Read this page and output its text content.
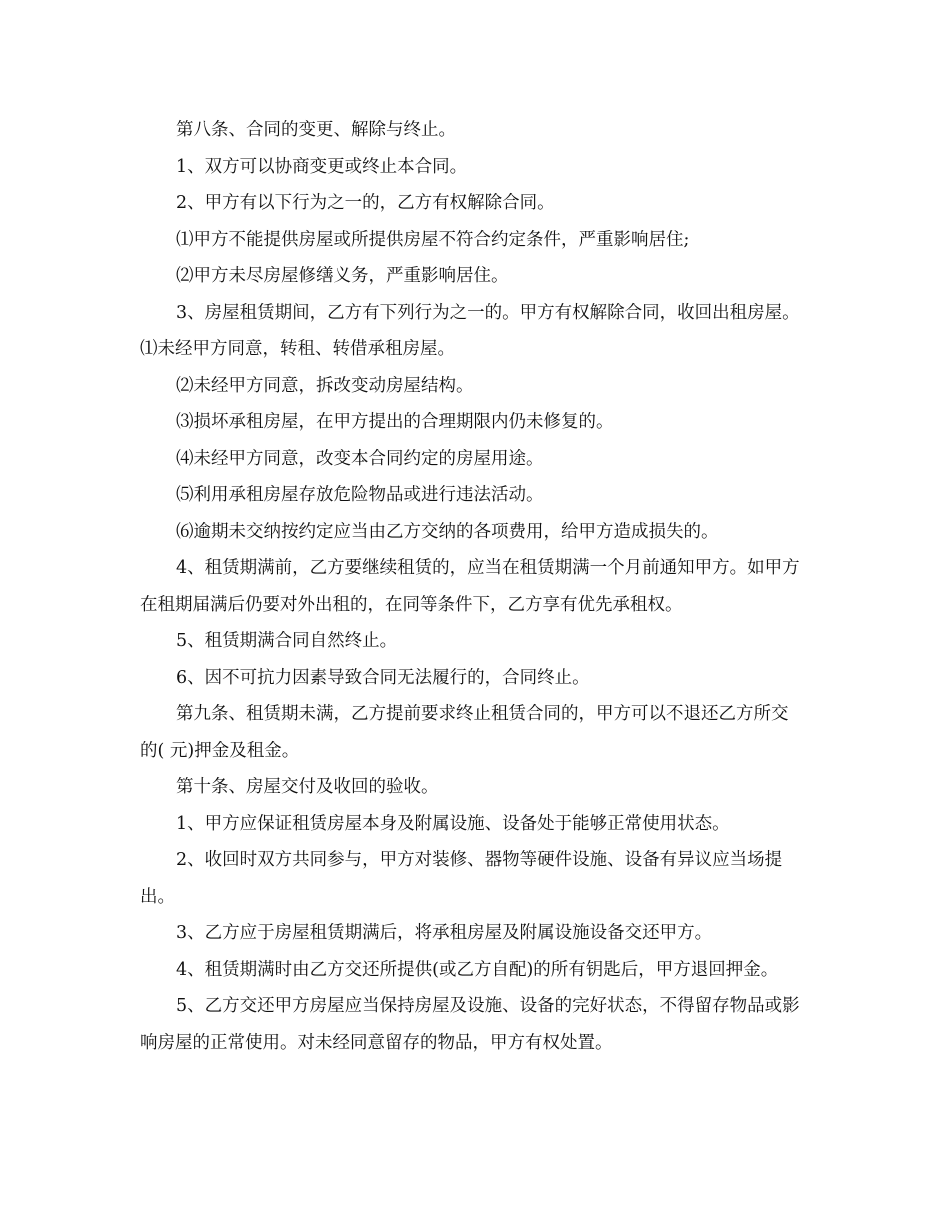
第八条、合同的变更、解除与终止。

1、双方可以协商变更或终止本合同。

2、甲方有以下行为之一的，乙方有权解除合同。

⑴甲方不能提供房屋或所提供房屋不符合约定条件，严重影响居住;

⑵甲方未尽房屋修缮义务，严重影响居住。

3、房屋租赁期间，乙方有下列行为之一的。甲方有权解除合同，收回出租房屋。⑴未经甲方同意，转租、转借承租房屋。

⑵未经甲方同意，拆改变动房屋结构。

⑶损坏承租房屋，在甲方提出的合理期限内仍未修复的。

⑷未经甲方同意，改变本合同约定的房屋用途。

⑸利用承租房屋存放危险物品或进行违法活动。

⑹逾期未交纳按约定应当由乙方交纳的各项费用，给甲方造成损失的。

4、租赁期满前，乙方要继续租赁的，应当在租赁期满一个月前通知甲方。如甲方在租期届满后仍要对外出租的，在同等条件下，乙方享有优先承租权。

5、租赁期满合同自然终止。

6、因不可抗力因素导致合同无法履行的，合同终止。

第九条、租赁期未满，乙方提前要求终止租赁合同的，甲方可以不退还乙方所交的( 元)押金及租金。

第十条、房屋交付及收回的验收。

1、甲方应保证租赁房屋本身及附属设施、设备处于能够正常使用状态。

2、收回时双方共同参与，甲方对装修、器物等硬件设施、设备有异议应当场提出。

3、乙方应于房屋租赁期满后，将承租房屋及附属设施设备交还甲方。

4、租赁期满时由乙方交还所提供(或乙方自配)的所有钥匙后，甲方退回押金。

5、乙方交还甲方房屋应当保持房屋及设施、设备的完好状态，不得留存物品或影响房屋的正常使用。对未经同意留存的物品，甲方有权处置。
